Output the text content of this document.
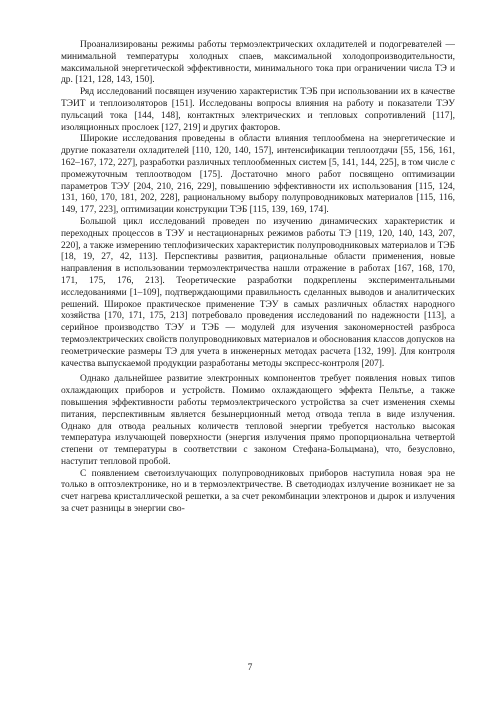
Проанализированы режимы работы термоэлектрических охладителей и подогревателей — минимальной температуры холодных спаев, максимальной холодопроизводительности, максимальной энергетической эффективности, минимального тока при ограничении числа ТЭ и др. [121, 128, 143, 150].

Ряд исследований посвящен изучению характеристик ТЭБ при использовании их в качестве ТЭИТ и теплоизоляторов [151]. Исследованы вопросы влияния на работу и показатели ТЭУ пульсаций тока [144, 148], контактных электрических и тепловых сопротивлений [117], изоляционных прослоек [127, 219] и других факторов.

Широкие исследования проведены в области влияния теплообмена на энергетические и другие показатели охладителей [110, 120, 140, 157], интенсификации теплоотдачи [55, 156, 161, 162–167, 172, 227], разработки различных теплообменных систем [5, 141, 144, 225], в том числе с промежуточным теплоотводом [175]. Достаточно много работ посвящено оптимизации параметров ТЭУ [204, 210, 216, 229], повышению эффективности их использования [115, 124, 131, 160, 170, 181, 202, 228], рациональному выбору полупроводниковых материалов [115, 116, 149, 177, 223], оптимизации конструкции ТЭБ [115, 139, 169, 174].

Большой цикл исследований проведен по изучению динамических характеристик и переходных процессов в ТЭУ и нестационарных режимов работы ТЭ [119, 120, 140, 143, 207, 220], а также измерению теплофизических характеристик полупроводниковых материалов и ТЭБ [18, 19, 27, 42, 113]. Перспективы развития, рациональные области применения, новые направления в использовании термоэлектричества нашли отражение в работах [167, 168, 170, 171, 175, 176, 213]. Теоретические разработки подкреплены экспериментальными исследованиями [1–109], подтверждающими правильность сделанных выводов и аналитических решений. Широкое практическое применение ТЭУ в самых различных областях народного хозяйства [170, 171, 175, 213] потребовало проведения исследований по надежности [113], а серийное производство ТЭУ и ТЭБ — модулей для изучения закономерностей разброса термоэлектрических свойств полупроводниковых материалов и обоснования классов допусков на геометрические размеры ТЭ для учета в инженерных методах расчета [132, 199]. Для контроля качества выпускаемой продукции разработаны методы экспресс-контроля [207].

Однако дальнейшее развитие электронных компонентов требует появления новых типов охлаждающих приборов и устройств. Помимо охлаждающего эффекта Пельтье, а также повышения эффективности работы термоэлектрического устройства за счет изменения схемы питания, перспективным является безынерционный метод отвода тепла в виде излучения. Однако для отвода реальных количеств тепловой энергии требуется настолько высокая температура излучающей поверхности (энергия излучения прямо пропорциональна четвертой степени от температуры в соответствии с законом Стефана-Больцмана), что, безусловно, наступит тепловой пробой.

С появлением светоизлучающих полупроводниковых приборов наступила новая эра не только в оптоэлектронике, но и в термоэлектричестве. В светодиодах излучение возникает не за счет нагрева кристаллической решетки, а за счет рекомбинации электронов и дырок и излучения за счет разницы в энергии сво-

7
